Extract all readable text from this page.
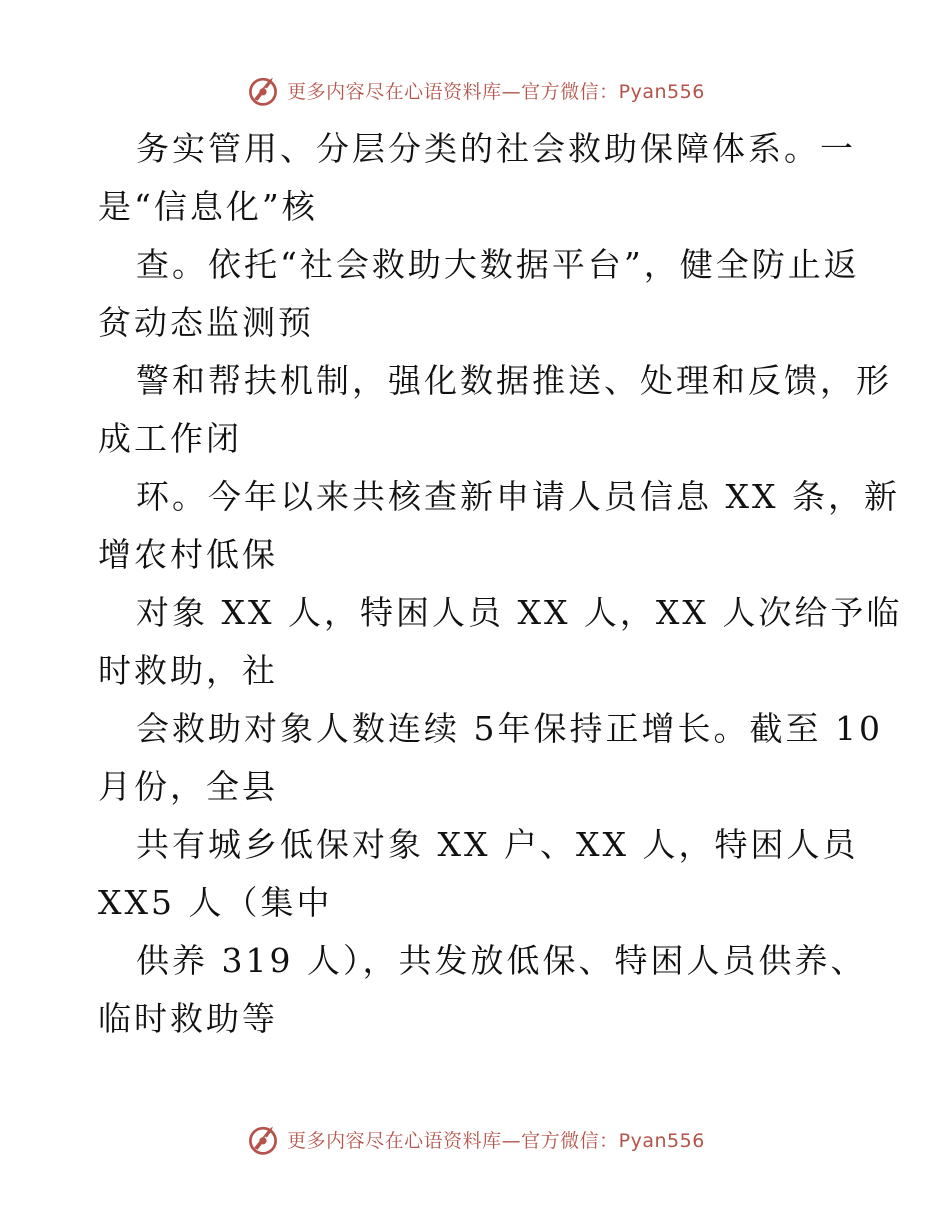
更多内容尽在心语资料库—官方微信：Pyan556
务实管用、分层分类的社会救助保障体系。一
是“信息化”核
查。依托“社会救助大数据平台”，健全防止返
贫动态监测预
警和帮扶机制，强化数据推送、处理和反馈，形
成工作闭
环。今年以来共核查新申请人员信息 XX 条，新
增农村低保
对象 XX 人，特困人员 XX 人，XX 人次给予临
时救助，社
会救助对象人数连续 5年保持正增长。截至 10
月份，全县
共有城乡低保对象 XX 户、XX 人，特困人员
XX5 人（集中
供养 319 人），共发放低保、特困人员供养、
临时救助等
更多内容尽在心语资料库—官方微信：Pyan556
